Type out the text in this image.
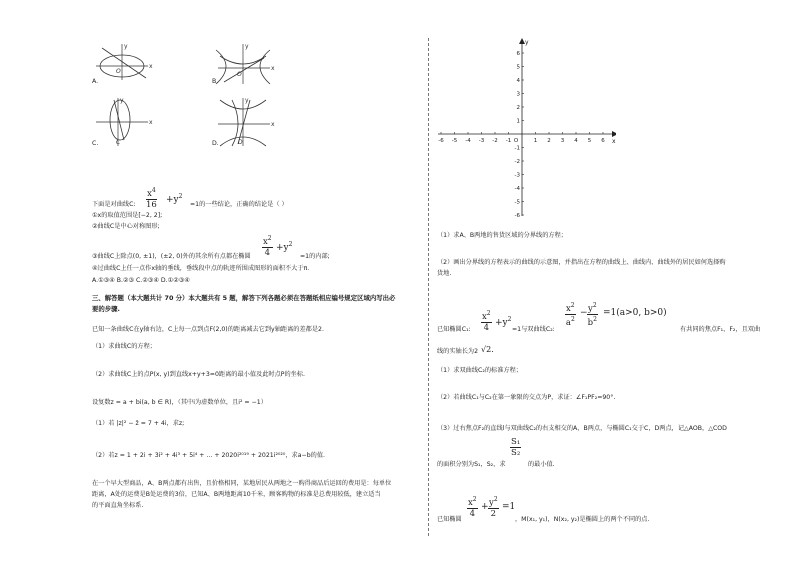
y
x
O
y
x
O
y
x
C
y
x
D
A.	B.
C.	D.
下面是对曲线C: $\frac{x^4}{16} +y^2$
=1的一些结论，正确的结论是（ ）
①x的取值范围是[−2, 2];
②曲线C是中心对称图形;
$\frac{x^2}{4} +y^2$
③曲线C上除点(0, ±1)，(±2, 0)外的其余所有点都在椭圆	=1的内部;
④过曲线C上任一点作x轴的垂线，垂线段中点的轨迹所围成图形的面积不大于π.
A.①③④ B.②③ C.②③④ D.①②③④
三、解答题（本大题共计 70 分）本大题共有 5 题，解答下列各题必须在答题纸相应编号规定区域内写出必
要的步骤.
已知一条曲线C在y轴右边，C上每一点到点F(2,0)的距离减去它到y轴距离的差都是2.
（1）求曲线C的方程；
（2）求曲线C上的点P(x, y)到直线x+y+3=0距离的最小值及此时点P的坐标.
设复数z = a + bi(a, b ∈ R)，（其中i为虚数单位，且i² = −1）
（1）若 |z|² − z̄ = 7 + 4i，求z;
（2）若z = 1 + 2i + 3i² + 4i³ + 5i⁴ + ... + 2020i²⁰¹⁹ + 2021i²⁰²⁰，求a−b的值.
在一个早大型商品，A、B两点都有出售，且价格相同，某地居民从两地之一购得商品后运回的费用是：每单位
距离，A处的运费是B处运费的3倍，已知A、B两地距离10千米，顾客购物的标准是总费用较低，建立适当
的平面直角坐标系.
-6 -5 -4 -3 -2 -1 O	1 2 3 4 5 6 x
1
2
3
4
5
6
-1
-2
-3
-4
-5
-6
y
（1）求A、B两地的售货区域的分界线的方程；
（2）画出分界线的方程表示的曲线的示意图，并指出在方程的曲线上、曲线内、曲线外的居民如何选择购
货地.
已知椭圆C₁: $\frac{x^2}{4} +y^2$
=1与双曲线C₂:
$\frac{x^2}{a^2} - \frac{y^2}{b^2} =1(a>0$, b>0)
有共同的焦点F₁，F₂，且双曲
线的实轴长为2 √2.
（1）求双曲线C₂的标准方程；
（2）若曲线C₁与C₂在第一象限的交点为P，求证：∠F₁PF₂=90°.
（3）过右焦点F₂的直线l与双曲线C₂的右支相交的A，B两点，与椭圆C₁交于C，D两点，记△AOB，△COD
$\frac{\text{S₁}}{\text{S₂}}$
的面积分别为S₁，S₂，求	的最小值.
已知椭圆
$\frac{x^2}{4} + \frac{y^2}{2} =1$
，M(x₁, y₁)，N(x₂, y₂)是椭圆上的两个不同的点.
